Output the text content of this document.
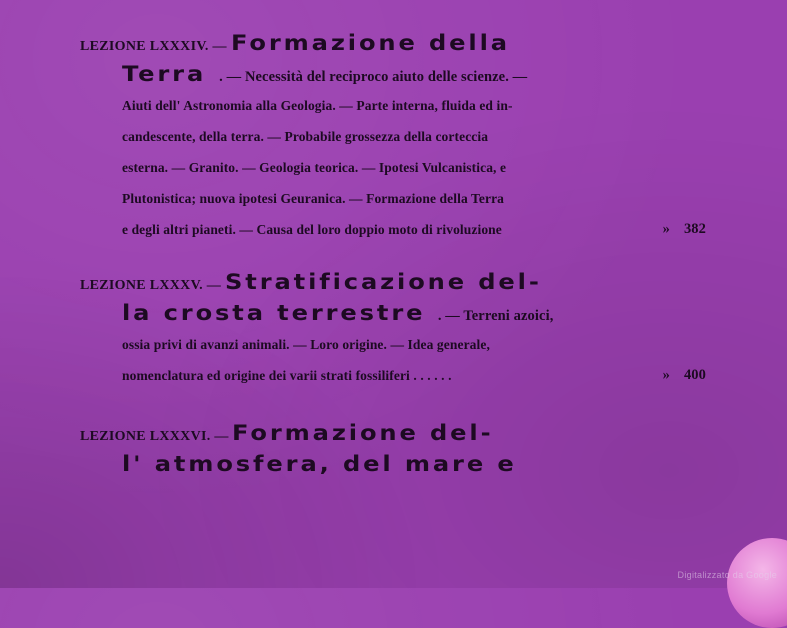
LEZIONE LXXXIV. — Formazione della
Terra . — Necessità del reciproco aiuto delle scienze. —
Aiuti dell' Astronomia alla Geologia. — Parte interna, fluida ed in-
candescente, della terra. — Probabile grossezza della corteccia
esterna. — Granito. — Geologia teorica. — Ipotesi Vulcanistica, e
Plutonistica; nuova ipotesi Geuranica. — Formazione della Terra
e degli altri pianeti. — Causa del loro doppio moto di rivoluzione	» 382
LEZIONE LXXXV. — Stratificazione del-
la crosta terrestre . — Terreni azoici,
ossia privi di avanzi animali. — Loro origine. — Idea generale,
nomenclatura ed origine dei varii strati fossiliferi . . . . . .	» 400
LEZIONE LXXXVI. — Formazione del-
l' atmosfera, del mare e
Digitalizzato da Google
